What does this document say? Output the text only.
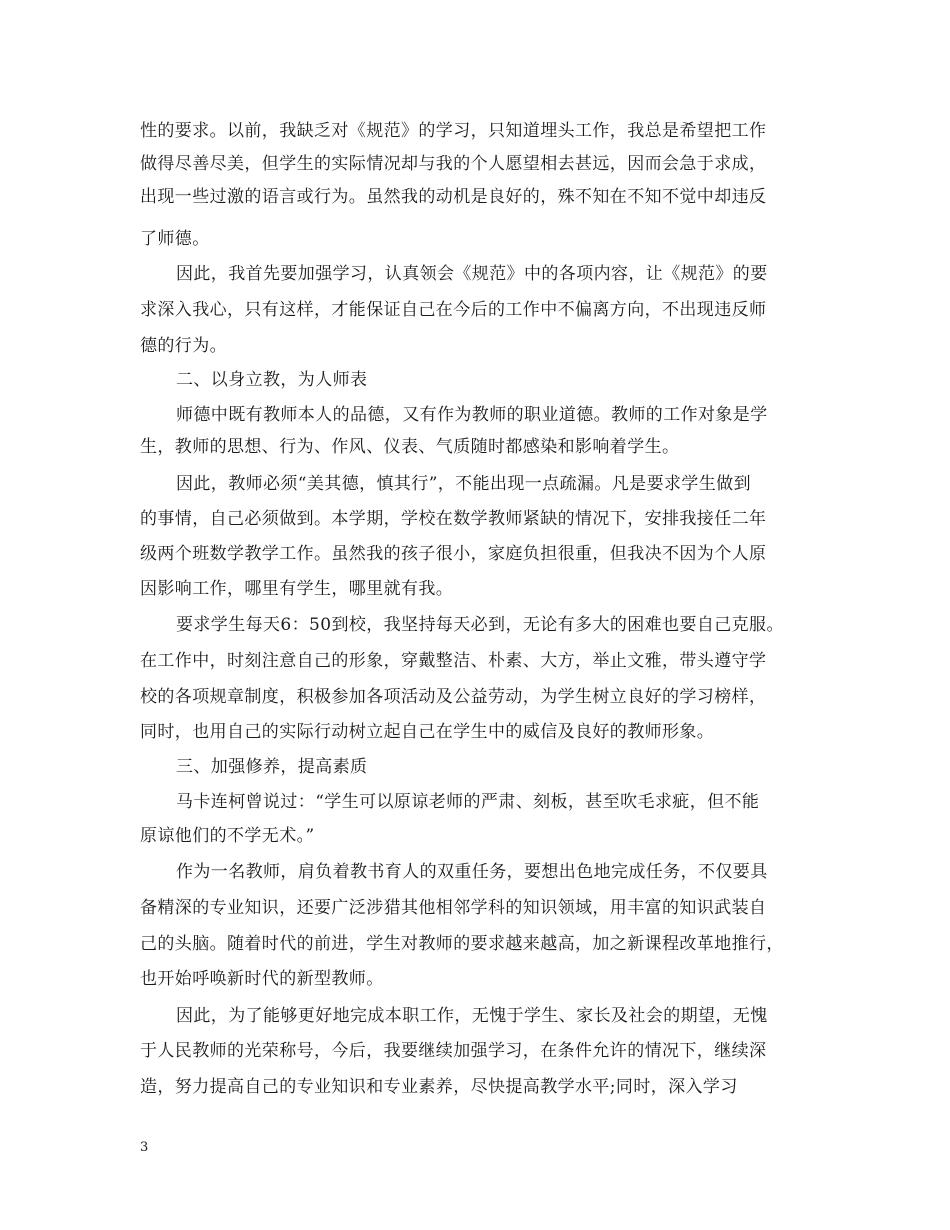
性的要求。以前，我缺乏对《规范》的学习，只知道埋头工作，我总是希望把工作
做得尽善尽美，但学生的实际情况却与我的个人愿望相去甚远，因而会急于求成，
出现一些过激的语言或行为。虽然我的动机是良好的，殊不知在不知不觉中却违反
了师德。
因此，我首先要加强学习，认真领会《规范》中的各项内容，让《规范》的要
求深入我心，只有这样，才能保证自己在今后的工作中不偏离方向，不出现违反师
德的行为。
二、以身立教，为人师表
师德中既有教师本人的品德，又有作为教师的职业道德。教师的工作对象是学
生，教师的思想、行为、作风、仪表、气质随时都感染和影响着学生。
因此，教师必须“美其德，慎其行”，不能出现一点疏漏。凡是要求学生做到
的事情，自己必须做到。本学期，学校在数学教师紧缺的情况下，安排我接任二年
级两个班数学教学工作。虽然我的孩子很小，家庭负担很重，但我决不因为个人原
因影响工作，哪里有学生，哪里就有我。
要求学生每天6：50到校，我坚持每天必到，无论有多大的困难也要自己克服。
在工作中，时刻注意自己的形象，穿戴整洁、朴素、大方，举止文雅，带头遵守学
校的各项规章制度，积极参加各项活动及公益劳动，为学生树立良好的学习榜样，
同时，也用自己的实际行动树立起自己在学生中的威信及良好的教师形象。
三、加强修养，提高素质
马卡连柯曾说过：“学生可以原谅老师的严肃、刻板，甚至吹毛求疵，但不能
原谅他们的不学无术。”
作为一名教师，肩负着教书育人的双重任务，要想出色地完成任务，不仅要具
备精深的专业知识，还要广泛涉猎其他相邻学科的知识领域，用丰富的知识武装自
己的头脑。随着时代的前进，学生对教师的要求越来越高，加之新课程改革地推行，
也开始呼唤新时代的新型教师。
因此，为了能够更好地完成本职工作，无愧于学生、家长及社会的期望，无愧
于人民教师的光荣称号，今后，我要继续加强学习，在条件允许的情况下，继续深
造，努力提高自己的专业知识和专业素养，尽快提高教学水平;同时，深入学习
3
